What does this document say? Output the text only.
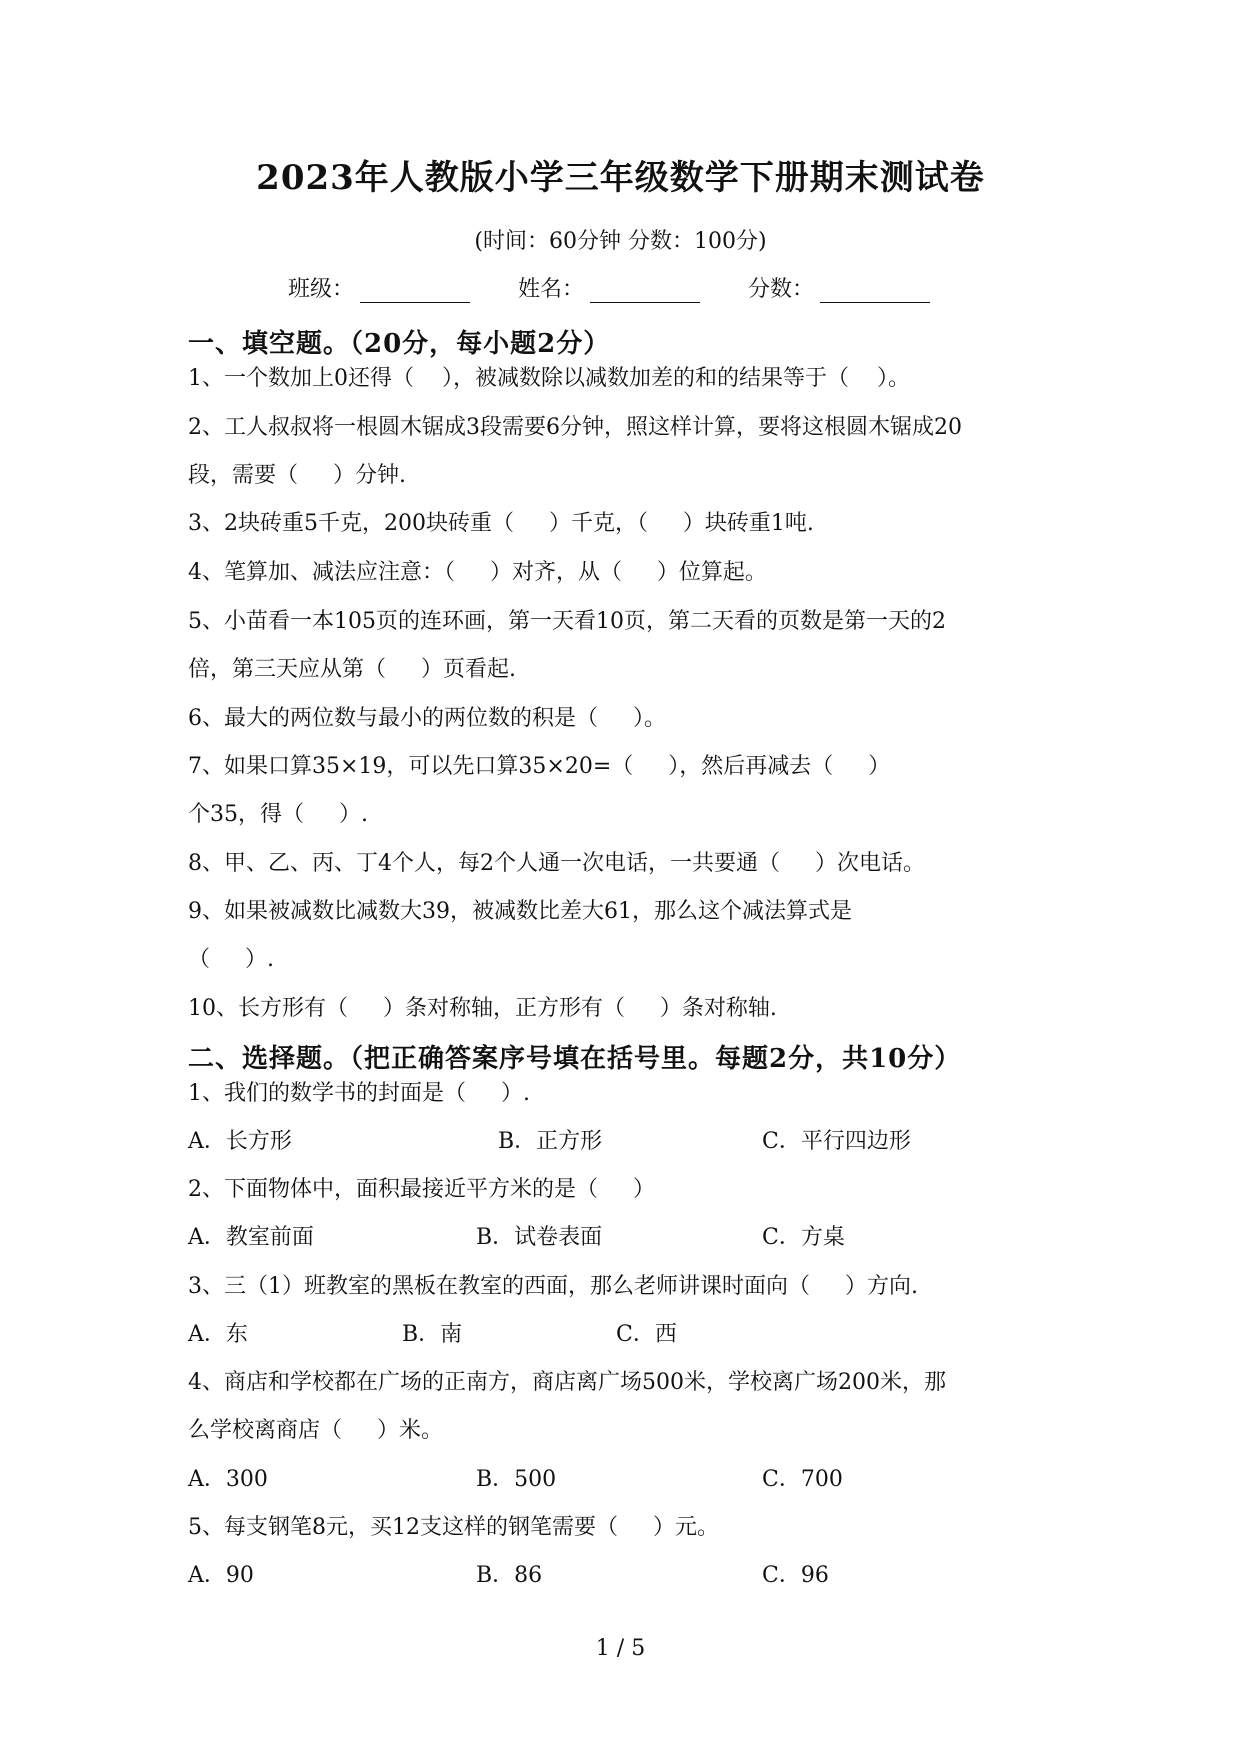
2023年人教版小学三年级数学下册期末测试卷
(时间：60分钟 分数：100分)
班级：	姓名：	分数：
一、填空题。（20分，每小题2分）
1、一个数加上0还得（    ），被减数除以减数加差的和的结果等于（    ）。
2、工人叔叔将一根圆木锯成3段需要6分钟，照这样计算，要将这根圆木锯成20
段，需要（     ）分钟.
3、2块砖重5千克，200块砖重（     ）千克，（     ）块砖重1吨.
4、笔算加、减法应注意：（     ）对齐，从（     ）位算起。
5、小苗看一本105页的连环画，第一天看10页，第二天看的页数是第一天的2
倍，第三天应从第（     ）页看起.
6、最大的两位数与最小的两位数的积是（     ）。
7、如果口算35×19，可以先口算35×20=（     ），然后再减去（     ）
个35，得（     ）.
8、甲、乙、丙、丁4个人，每2个人通一次电话，一共要通（     ）次电话。
9、如果被减数比减数大39，被减数比差大61，那么这个减法算式是
（     ）.
10、长方形有（     ）条对称轴，正方形有（     ）条对称轴.
二、选择题。（把正确答案序号填在括号里。每题2分，共10分）
1、我们的数学书的封面是（     ）.
A．长方形	B．正方形	C．平行四边形
2、下面物体中，面积最接近平方米的是（     ）
A．教室前面	B．试卷表面	C．方桌
3、三（1）班教室的黑板在教室的西面，那么老师讲课时面向（     ）方向.
A．东	B．南	C．西
4、商店和学校都在广场的正南方，商店离广场500米，学校离广场200米，那
么学校离商店（     ）米。
A．300	B．500	C．700
5、每支钢笔8元，买12支这样的钢笔需要（     ）元。
A．90	B．86	C．96
1 / 5
